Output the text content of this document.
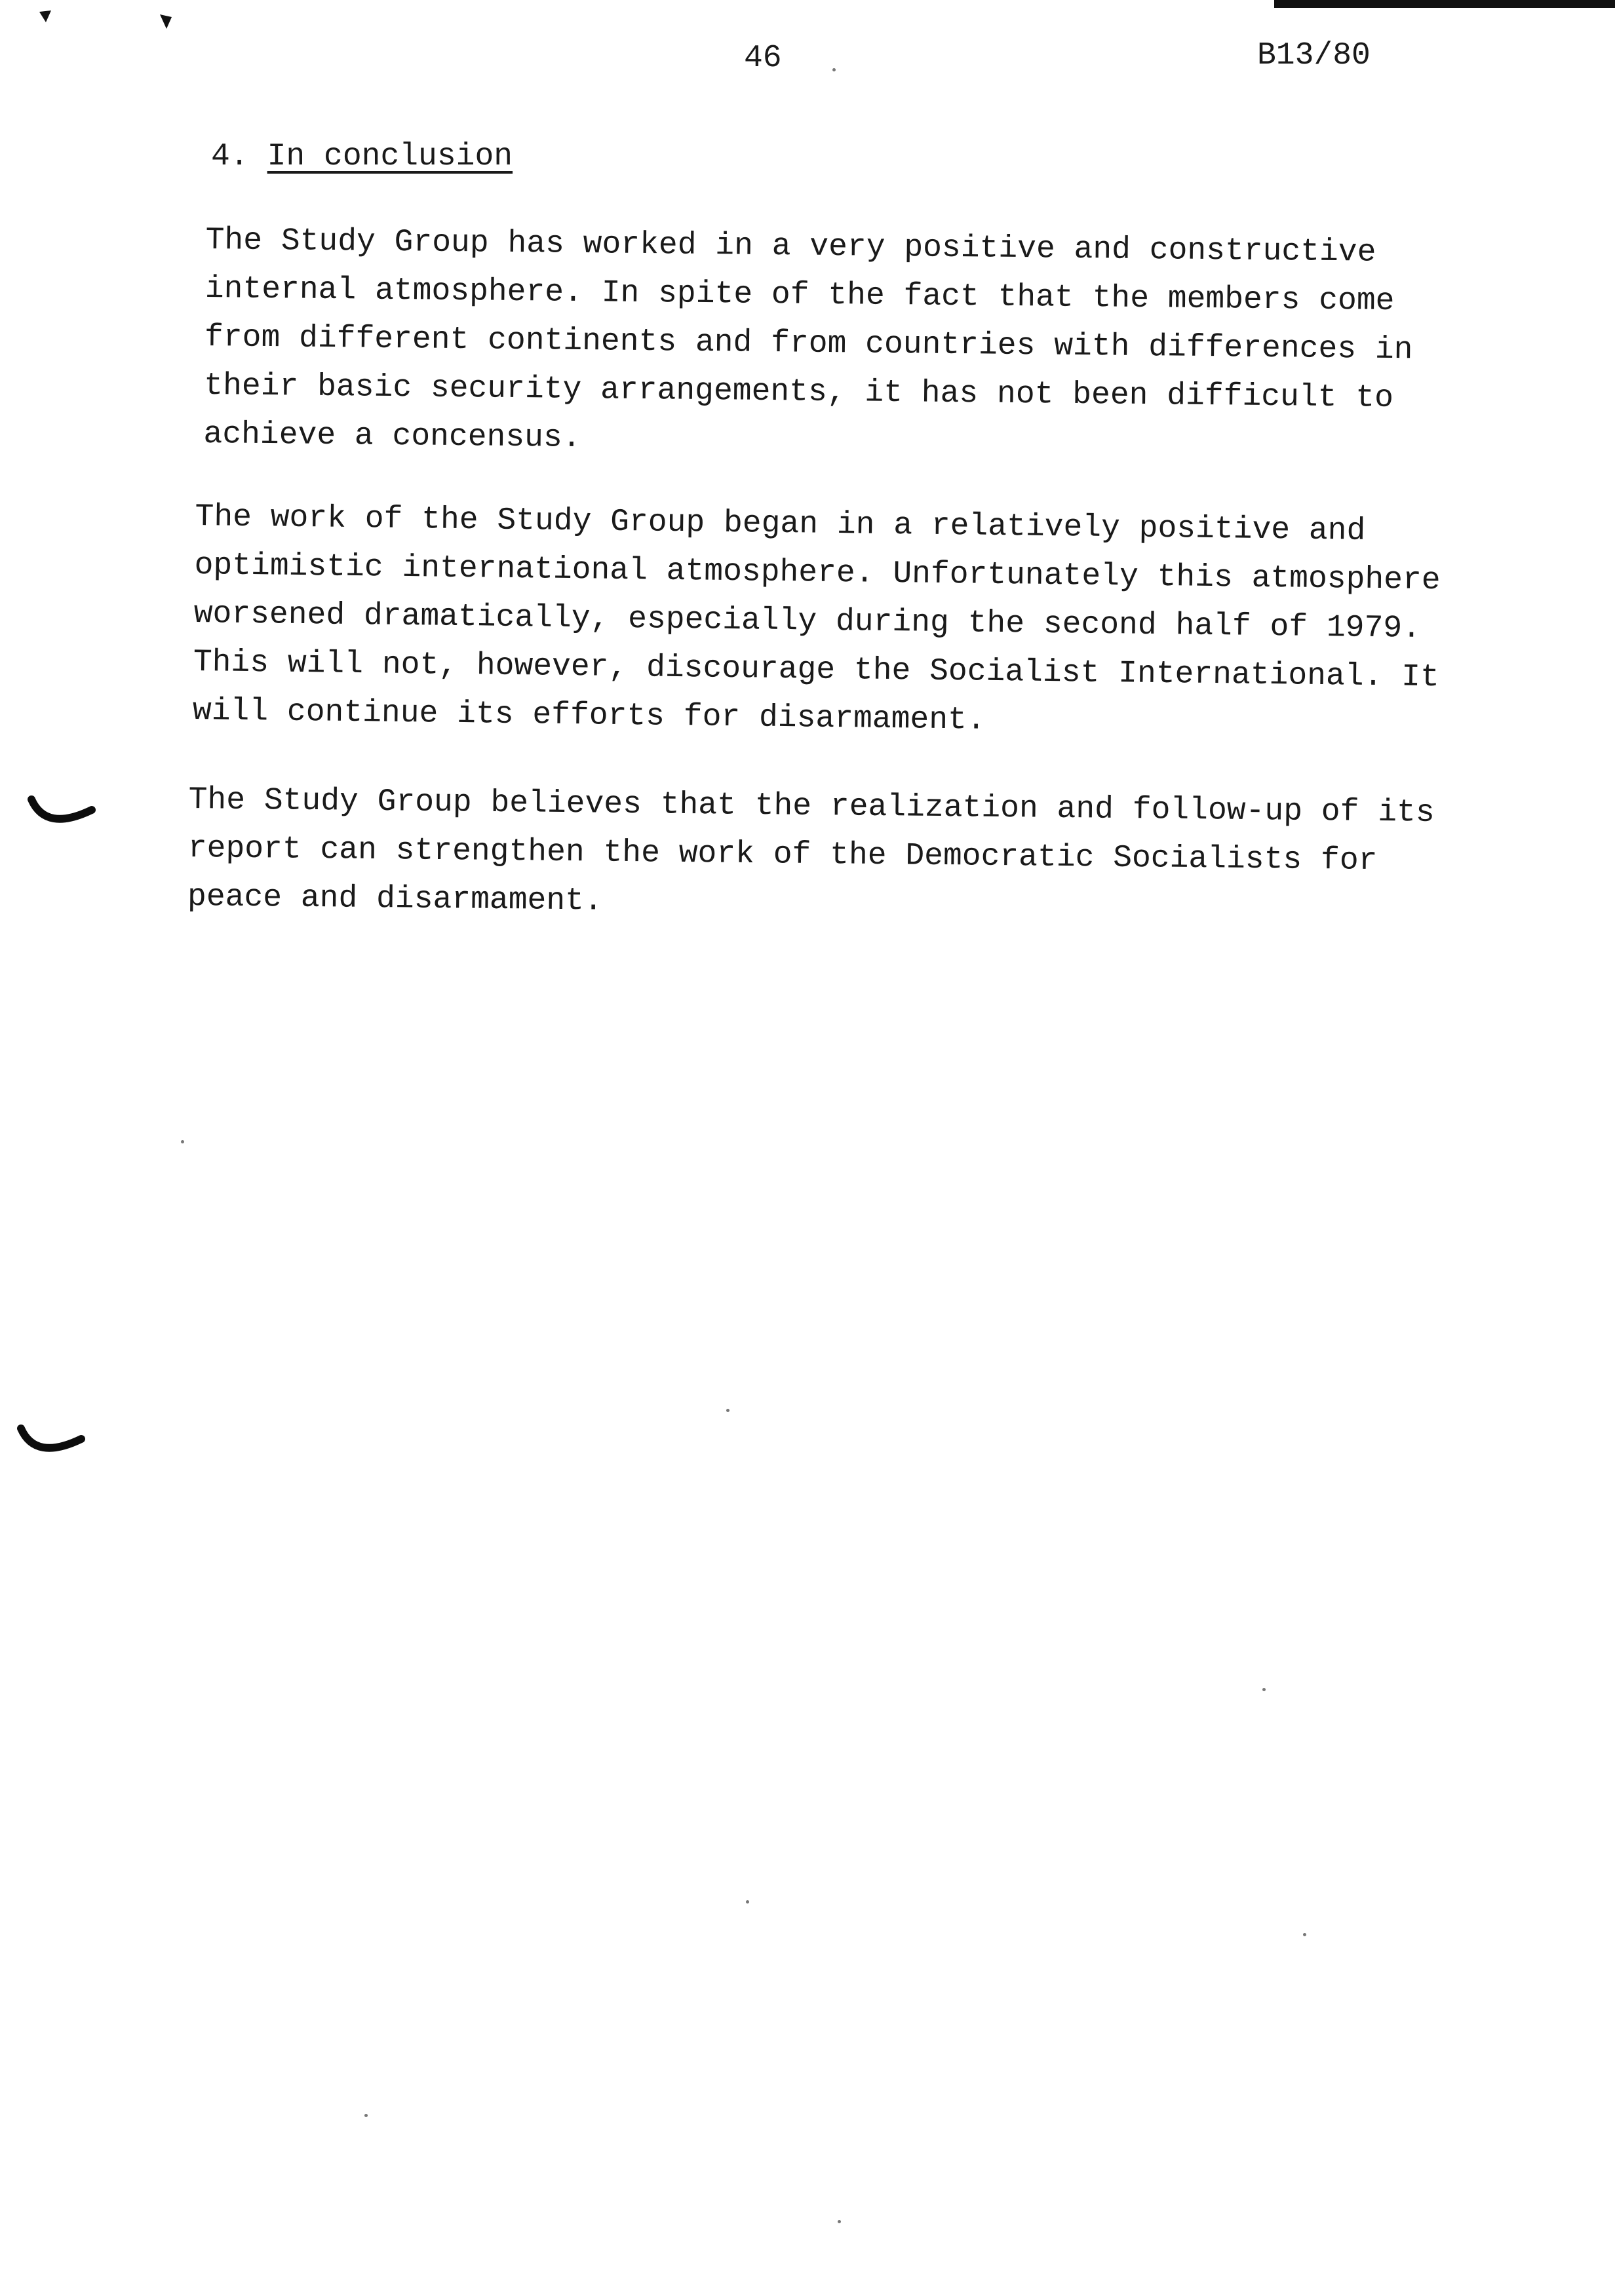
46	B13/80
4. In conclusion

The Study Group has worked in a very positive and constructive
internal atmosphere. In spite of the fact that the members come
from different continents and from countries with differences in
their basic security arrangements, it has not been difficult to
achieve a concensus.

The work of the Study Group began in a relatively positive and
optimistic international atmosphere. Unfortunately this atmosphere
worsened dramatically, especially during the second half of 1979.
This will not, however, discourage the Socialist International. It
will continue its efforts for disarmament.

The Study Group believes that the realization and follow-up of its
report can strengthen the work of the Democratic Socialists for
peace and disarmament.
